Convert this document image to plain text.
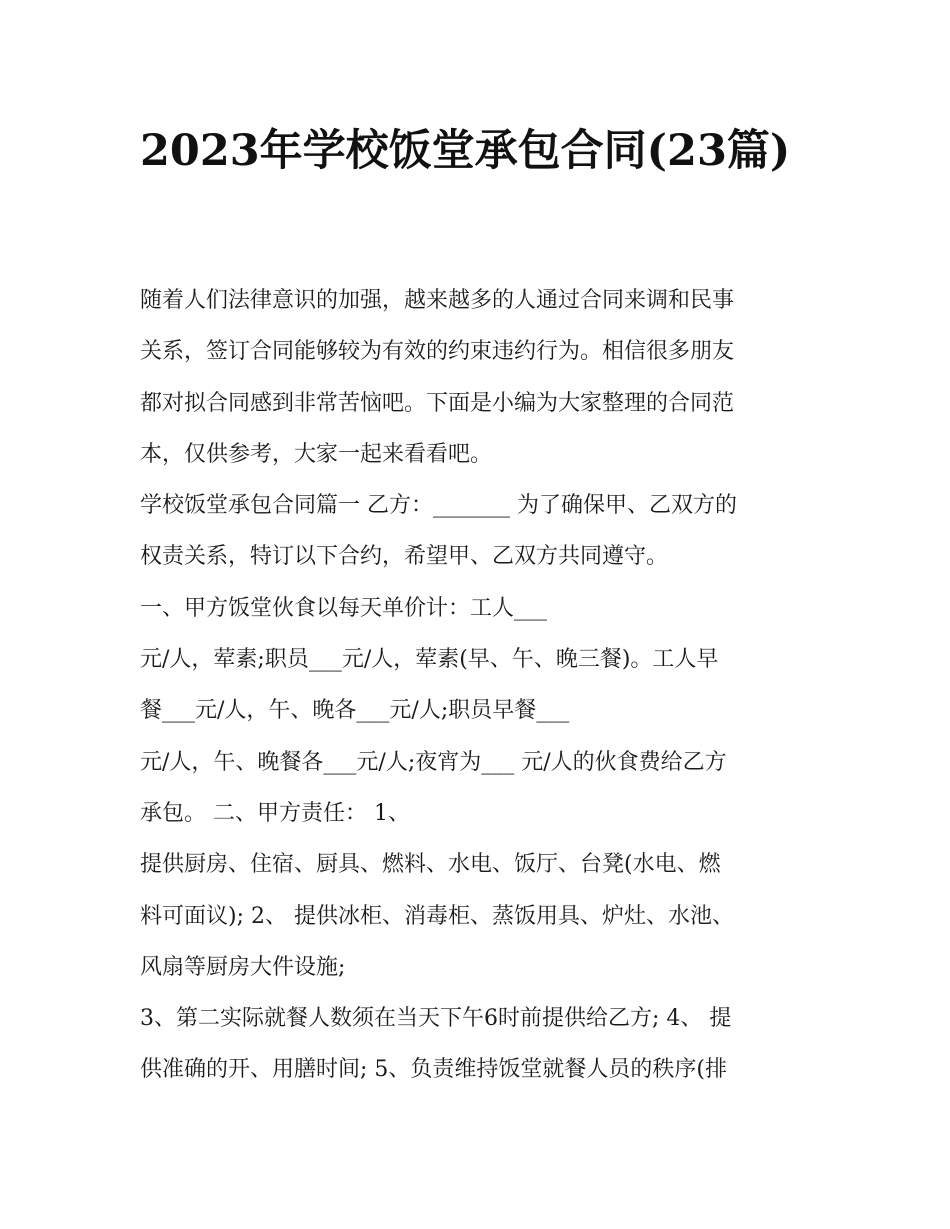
2023年学校饭堂承包合同(23篇)
随着人们法律意识的加强，越来越多的人通过合同来调和民事
关系，签订合同能够较为有效的约束违约行为。相信很多朋友
都对拟合同感到非常苦恼吧。下面是小编为大家整理的合同范
本，仅供参考，大家一起来看看吧。
学校饭堂承包合同篇一 乙方：_______ 为了确保甲、乙双方的
权责关系，特订以下合约，希望甲、乙双方共同遵守。
一、甲方饭堂伙食以每天单价计：工人___
元/人，荤素;职员___元/人，荤素(早、午、晚三餐)。工人早
餐___元/人，午、晚各___元/人;职员早餐___
元/人，午、晚餐各___元/人;夜宵为___ 元/人的伙食费给乙方
承包。 二、甲方责任： 1、
提供厨房、住宿、厨具、燃料、水电、饭厅、台凳(水电、燃
料可面议); 2、 提供冰柜、消毒柜、蒸饭用具、炉灶、水池、
风扇等厨房大件设施;
3、第二实际就餐人数须在当天下午6时前提供给乙方; 4、 提
供准确的开、用膳时间; 5、负责维持饭堂就餐人员的秩序(排
